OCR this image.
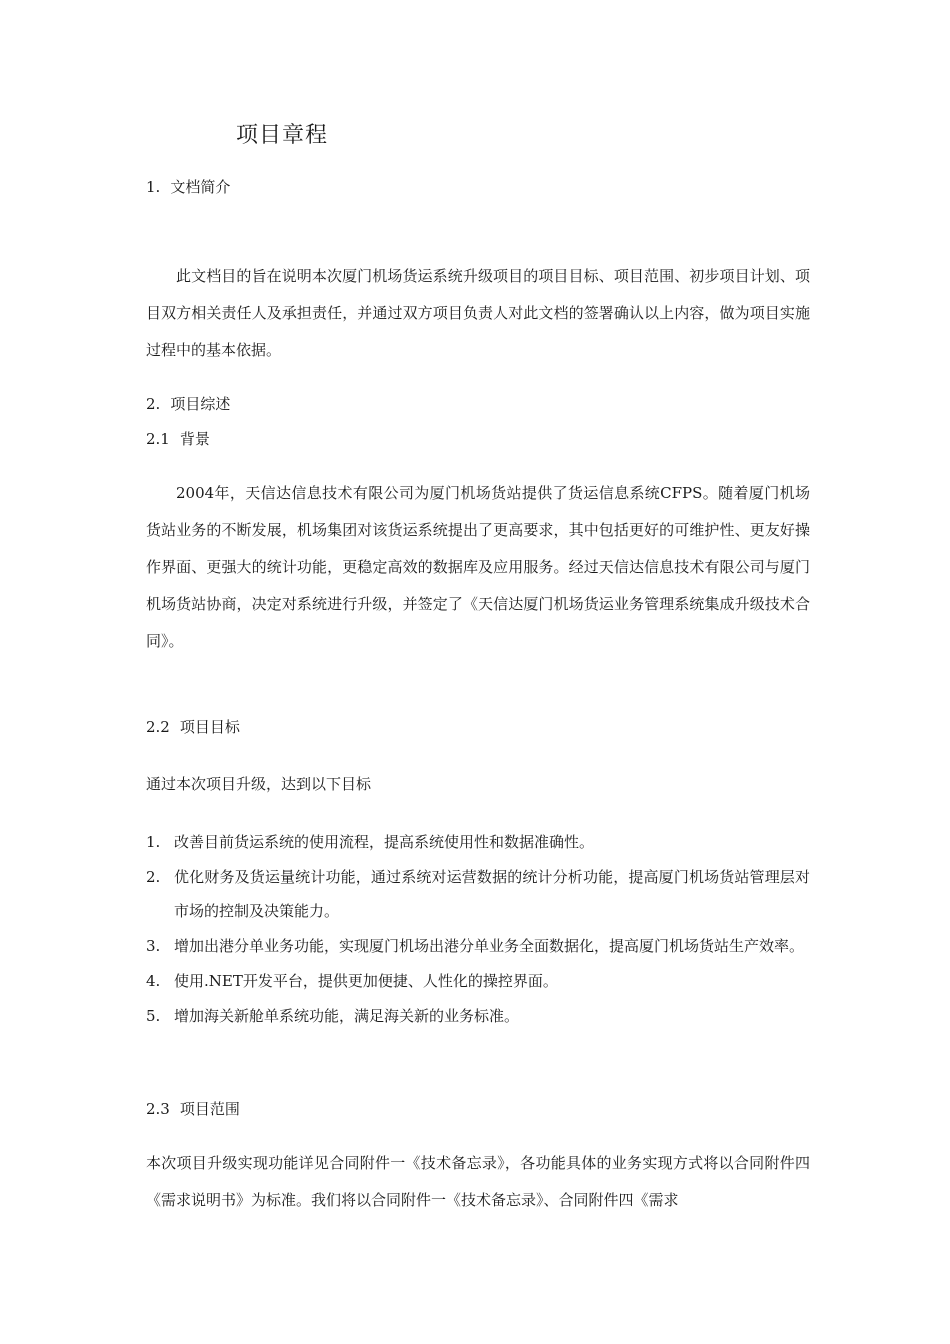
项目章程
1. 文档简介

此文档目的旨在说明本次厦门机场货运系统升级项目的项目目标、项目范围、初步项目计划、项目双方相关责任人及承担责任，并通过双方项目负责人对此文档的签署确认以上内容，做为项目实施过程中的基本依据。

2. 项目综述
2.1 背景

2004年，天信达信息技术有限公司为厦门机场货站提供了货运信息系统CFPS。随着厦门机场货站业务的不断发展，机场集团对该货运系统提出了更高要求，其中包括更好的可维护性、更友好操作界面、更强大的统计功能，更稳定高效的数据库及应用服务。经过天信达信息技术有限公司与厦门机场货站协商，决定对系统进行升级，并签定了《天信达厦门机场货运业务管理系统集成升级技术合同》。

2.2 项目目标

通过本次项目升级，达到以下目标

1. 改善目前货运系统的使用流程，提高系统使用性和数据准确性。
2. 优化财务及货运量统计功能，通过系统对运营数据的统计分析功能，提高厦门机场货站管理层对市场的控制及决策能力。
3. 增加出港分单业务功能，实现厦门机场出港分单业务全面数据化，提高厦门机场货站生产效率。
4. 使用.NET开发平台，提供更加便捷、人性化的操控界面。
5. 增加海关新舱单系统功能，满足海关新的业务标准。
2.3 项目范围

本次项目升级实现功能详见合同附件一《技术备忘录》，各功能具体的业务实现方式将以合同附件四《需求说明书》为标准。我们将以合同附件一《技术备忘录》、合同附件四《需求
